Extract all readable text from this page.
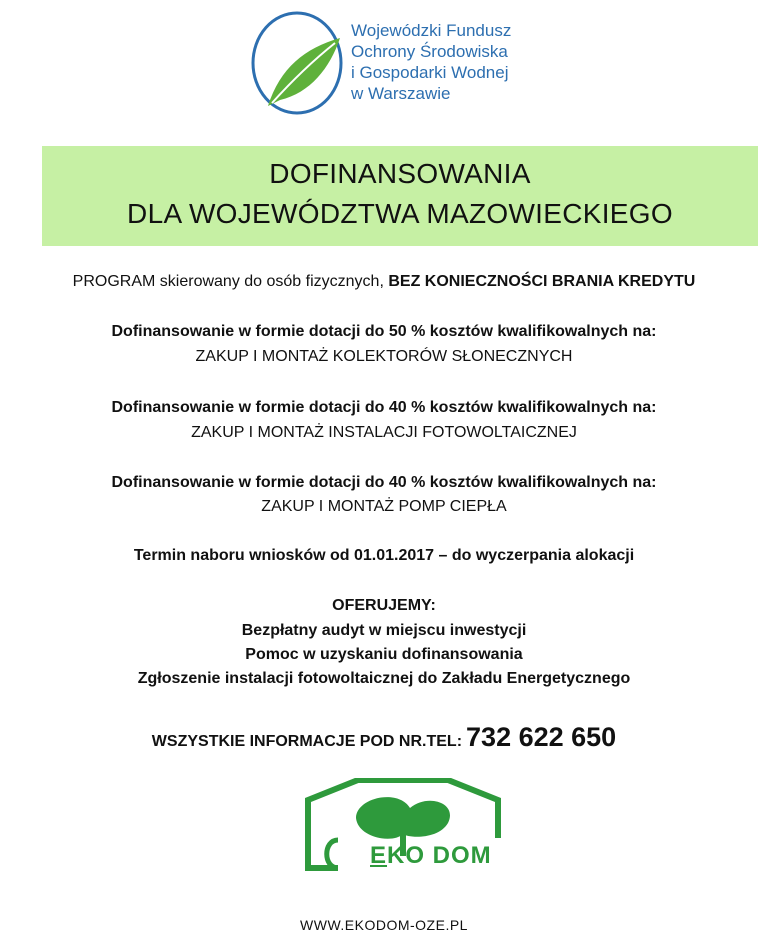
Wojewódzki Fundusz
Ochrony Środowiska
i Gospodarki Wodnej
w Warszawie
DOFINANSOWANIA
DLA WOJEWÓDZTWA MAZOWIECKIEGO
PROGRAM skierowany do osób fizycznych, BEZ KONIECZNOŚCI BRANIA KREDYTU
Dofinansowanie w formie dotacji do 50 % kosztów kwalifikowalnych na:
ZAKUP I MONTAŻ KOLEKTORÓW SŁONECZNYCH
Dofinansowanie w formie dotacji do 40 % kosztów kwalifikowalnych na:
ZAKUP I MONTAŻ INSTALACJI FOTOWOLTAICZNEJ
Dofinansowanie w formie dotacji do 40 % kosztów kwalifikowalnych na:
ZAKUP I MONTAŻ POMP CIEPŁA
Termin naboru wniosków od 01.01.2017 – do wyczerpania alokacji
OFERUJEMY:
Bezpłatny audyt w miejscu inwestycji
Pomoc w uzyskaniu dofinansowania
Zgłoszenie instalacji fotowoltaicznej do Zakładu Energetycznego
WSZYSTKIE INFORMACJE POD NR.TEL: 732 622 650
EKO DOM
WWW.EKODOM-OZE.PL
